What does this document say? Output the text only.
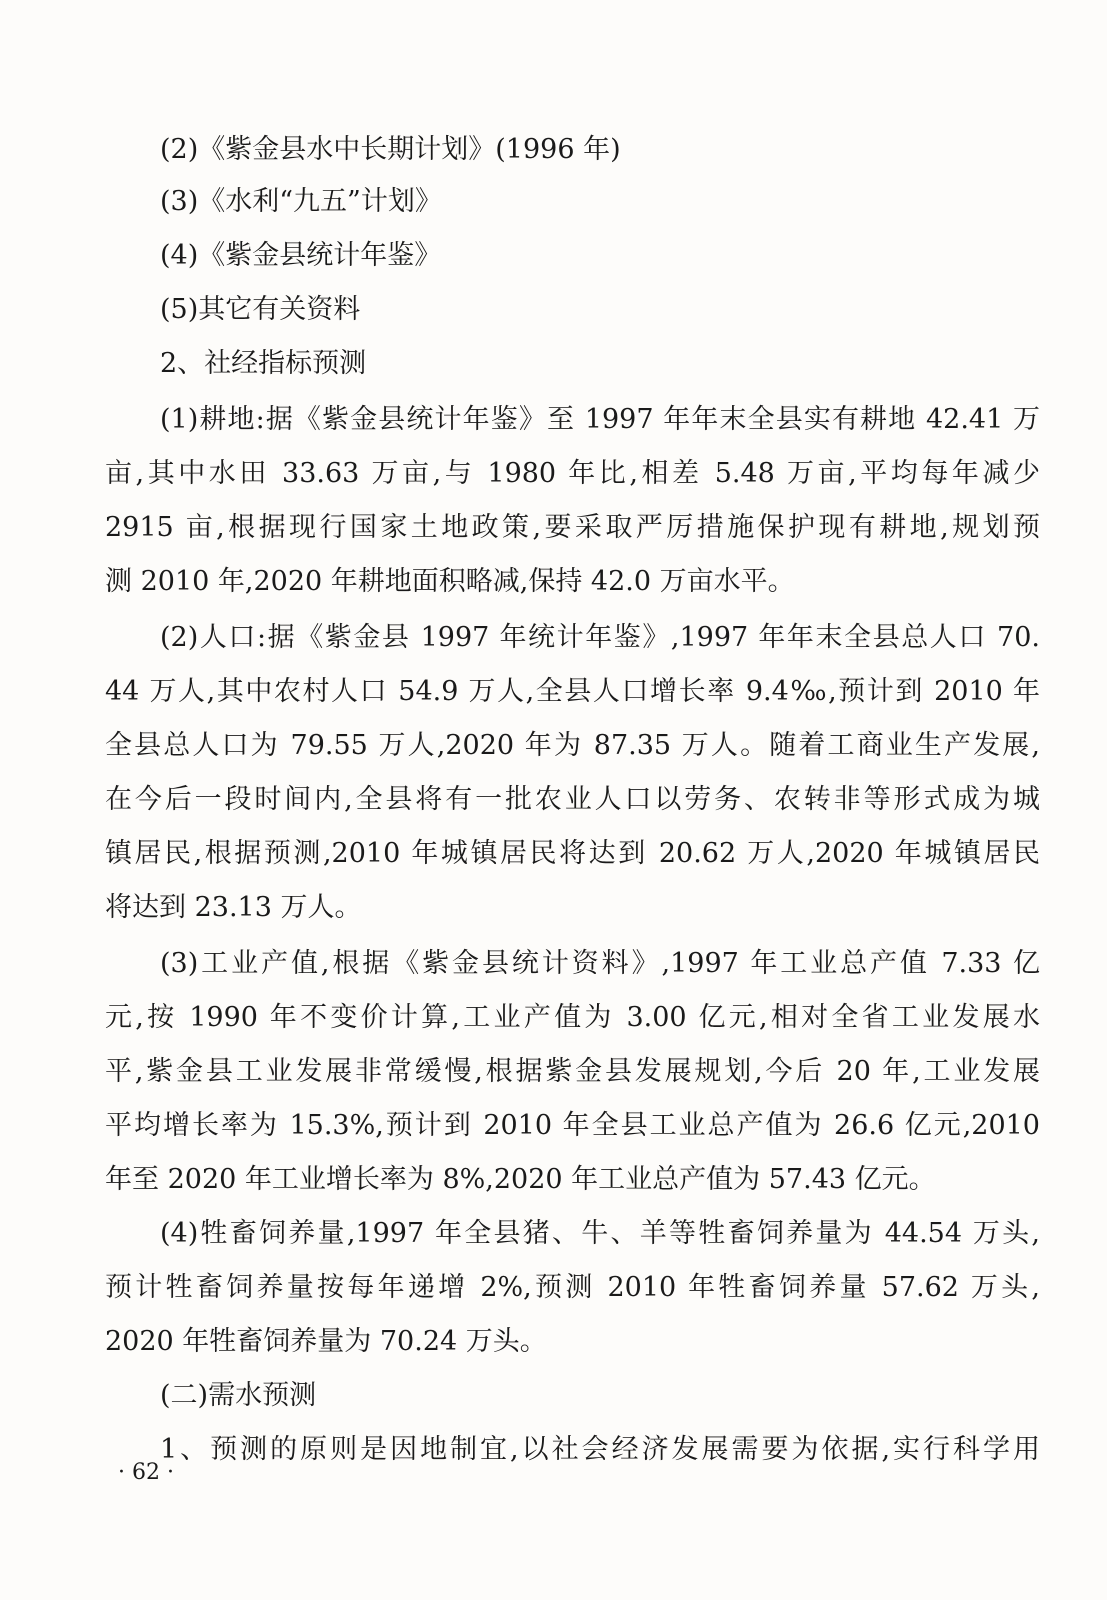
(2)《紫金县水中长期计划》(1996 年)
(3)《水利“九五”计划》
(4)《紫金县统计年鉴》
(5)其它有关资料
2、社经指标预测
(1)耕地:据《紫金县统计年鉴》至 1997 年年末全县实有耕地 42.41 万
亩,其中水田 33.63 万亩,与 1980 年比,相差 5.48 万亩,平均每年减少
2915 亩,根据现行国家土地政策,要采取严厉措施保护现有耕地,规划预
测 2010 年,2020 年耕地面积略减,保持 42.0 万亩水平。
(2)人口:据《紫金县 1997 年统计年鉴》,1997 年年末全县总人口 70.
44 万人,其中农村人口 54.9 万人,全县人口增长率 9.4‰,预计到 2010 年
全县总人口为 79.55 万人,2020 年为 87.35 万人。随着工商业生产发展,
在今后一段时间内,全县将有一批农业人口以劳务、农转非等形式成为城
镇居民,根据预测,2010 年城镇居民将达到 20.62 万人,2020 年城镇居民
将达到 23.13 万人。
(3)工业产值,根据《紫金县统计资料》,1997 年工业总产值 7.33 亿
元,按 1990 年不变价计算,工业产值为 3.00 亿元,相对全省工业发展水
平,紫金县工业发展非常缓慢,根据紫金县发展规划,今后 20 年,工业发展
平均增长率为 15.3%,预计到 2010 年全县工业总产值为 26.6 亿元,2010
年至 2020 年工业增长率为 8%,2020 年工业总产值为 57.43 亿元。
(4)牲畜饲养量,1997 年全县猪、牛、羊等牲畜饲养量为 44.54 万头,
预计牲畜饲养量按每年递增 2%,预测 2010 年牲畜饲养量 57.62 万头,
2020 年牲畜饲养量为 70.24 万头。
(二)需水预测
1、预测的原则是因地制宜,以社会经济发展需要为依据,实行科学用
· 62 ·
